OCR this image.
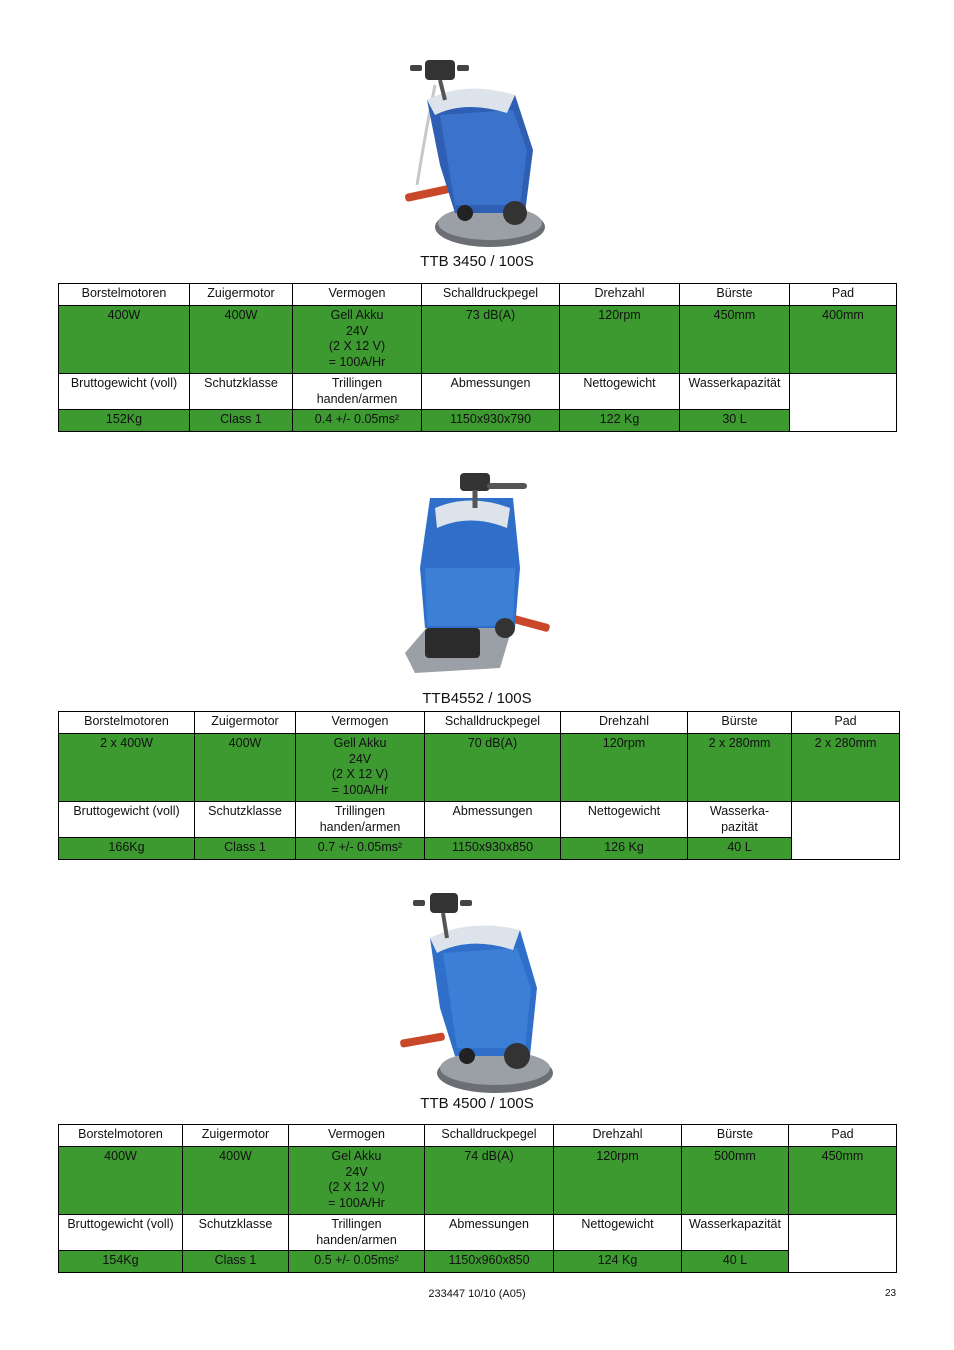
TTB 3450 / 100S
Borstelmotoren	Zuigermotor	Vermogen	Schalldruckpegel	Drehzahl	Bürste	Pad
400W	400W	Gell Akku
24V
(2 X 12 V)
= 100A/Hr	73 dB(A)	120rpm	450mm	400mm
Bruttogewicht (voll)	Schutzklasse	Trillingen
handen/armen	Abmessungen	Nettogewicht	Wasserkapazität	
152Kg	Class 1	0.4 +/- 0.05ms²	1150x930x790	122 Kg	30 L	
TTB4552 / 100S
Borstelmotoren	Zuigermotor	Vermogen	Schalldruckpegel	Drehzahl	Bürste	Pad
2 x 400W	400W	Gell Akku
24V
(2 X 12 V)
= 100A/Hr	70 dB(A)	120rpm	2 x 280mm	2 x 280mm
Bruttogewicht (voll)	Schutzklasse	Trillingen
handen/armen	Abmessungen	Nettogewicht	Wasserka-
pazität	
166Kg	Class 1	0.7 +/- 0.05ms²	1150x930x850	126 Kg	40 L	
TTB 4500 / 100S
Borstelmotoren	Zuigermotor	Vermogen	Schalldruckpegel	Drehzahl	Bürste	Pad
400W	400W	Gel Akku
24V
(2 X 12 V)
= 100A/Hr	74 dB(A)	120rpm	500mm	450mm
Bruttogewicht (voll)	Schutzklasse	Trillingen
handen/armen	Abmessungen	Nettogewicht	Wasserkapazität	
154Kg	Class 1	0.5 +/- 0.05ms²	1150x960x850	124 Kg	40 L	
233447 10/10 (A05)	23
